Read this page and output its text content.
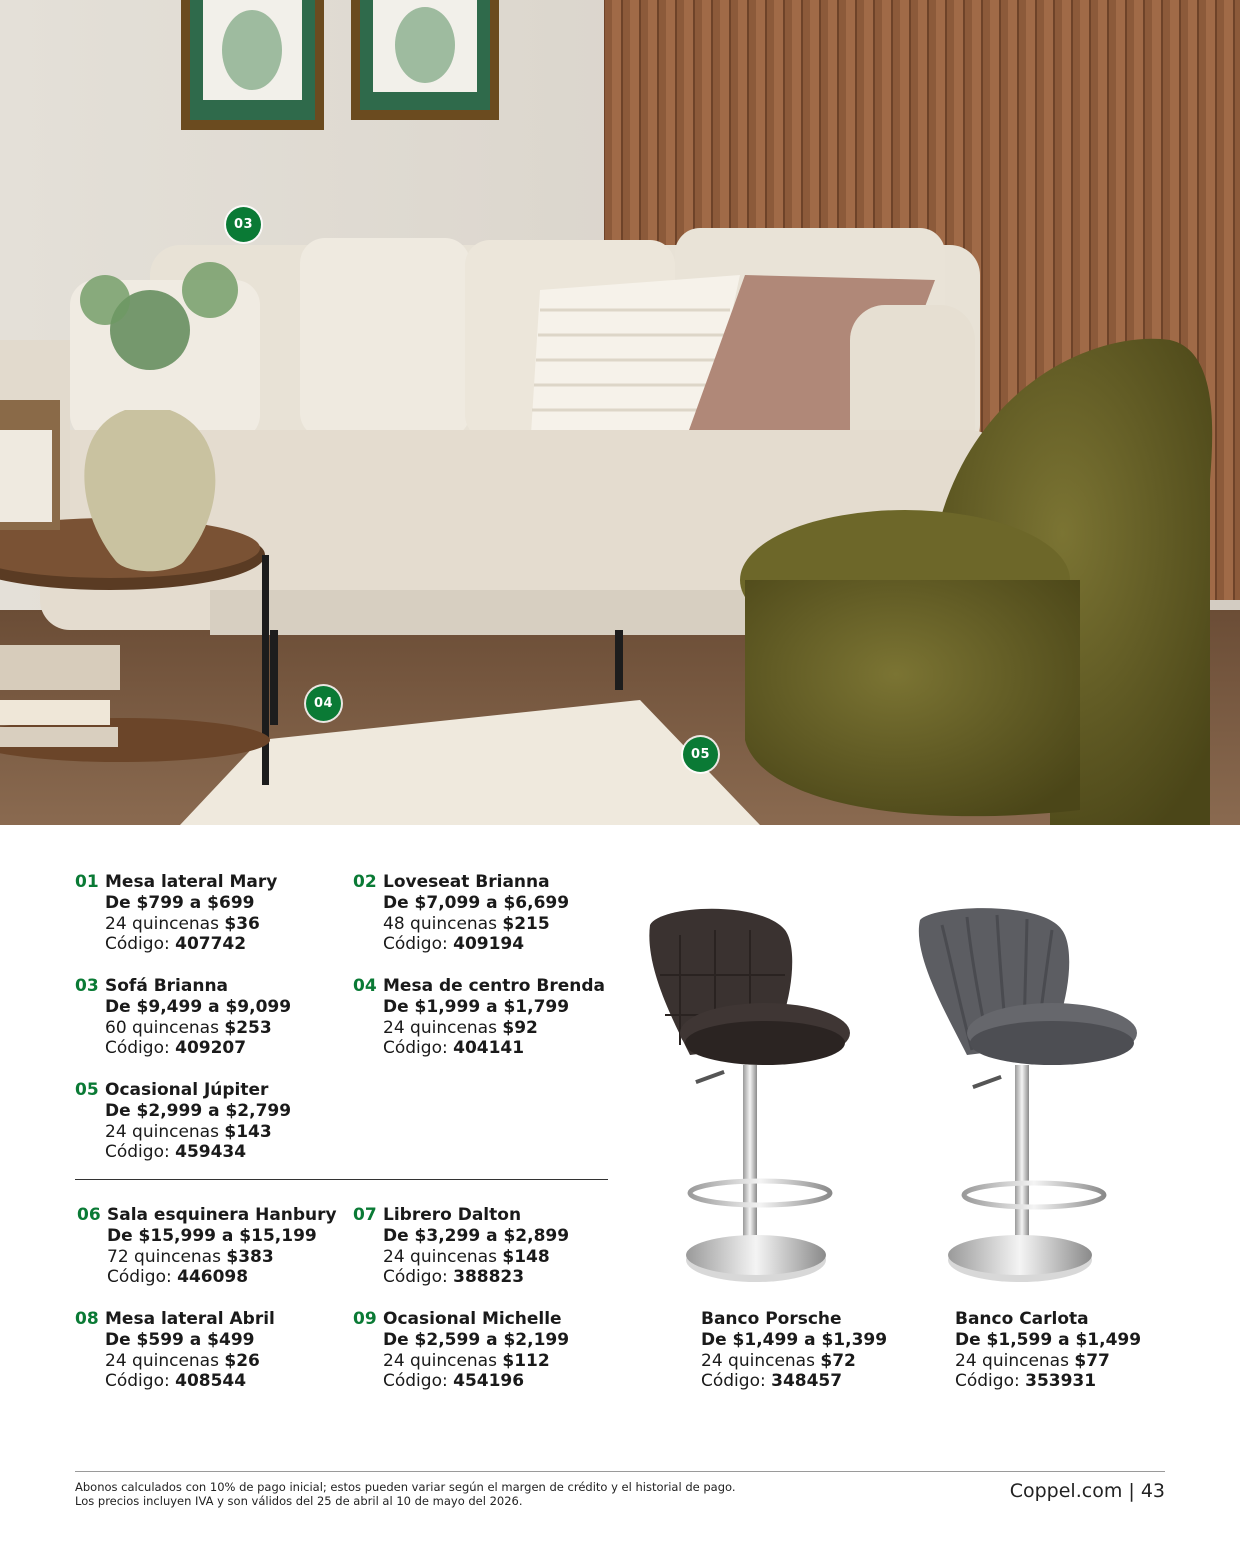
03
04
05
01 Mesa lateral Mary
De $799 a $699
24 quincenas $36
Código: 407742
02 Loveseat Brianna
De $7,099 a $6,699
48 quincenas $215
Código: 409194
03 Sofá Brianna
De $9,499 a $9,099
60 quincenas $253
Código: 409207
04 Mesa de centro Brenda
De $1,999 a $1,799
24 quincenas $92
Código: 404141
05 Ocasional Júpiter
De $2,999 a $2,799
24 quincenas $143
Código: 459434
06 Sala esquinera Hanbury
De $15,999 a $15,199
72 quincenas $383
Código: 446098
07 Librero Dalton
De $3,299 a $2,899
24 quincenas $148
Código: 388823
08 Mesa lateral Abril
De $599 a $499
24 quincenas $26
Código: 408544
09 Ocasional Michelle
De $2,599 a $2,199
24 quincenas $112
Código: 454196
Banco Porsche
De $1,499 a $1,399
24 quincenas $72
Código: 348457
Banco Carlota
De $1,599 a $1,499
24 quincenas $77
Código: 353931
Abonos calculados con 10% de pago inicial; estos pueden variar según el margen de crédito y el historial de pago.
Los precios incluyen IVA y son válidos del 25 de abril al 10 de mayo del 2026.	Coppel.com | 43
